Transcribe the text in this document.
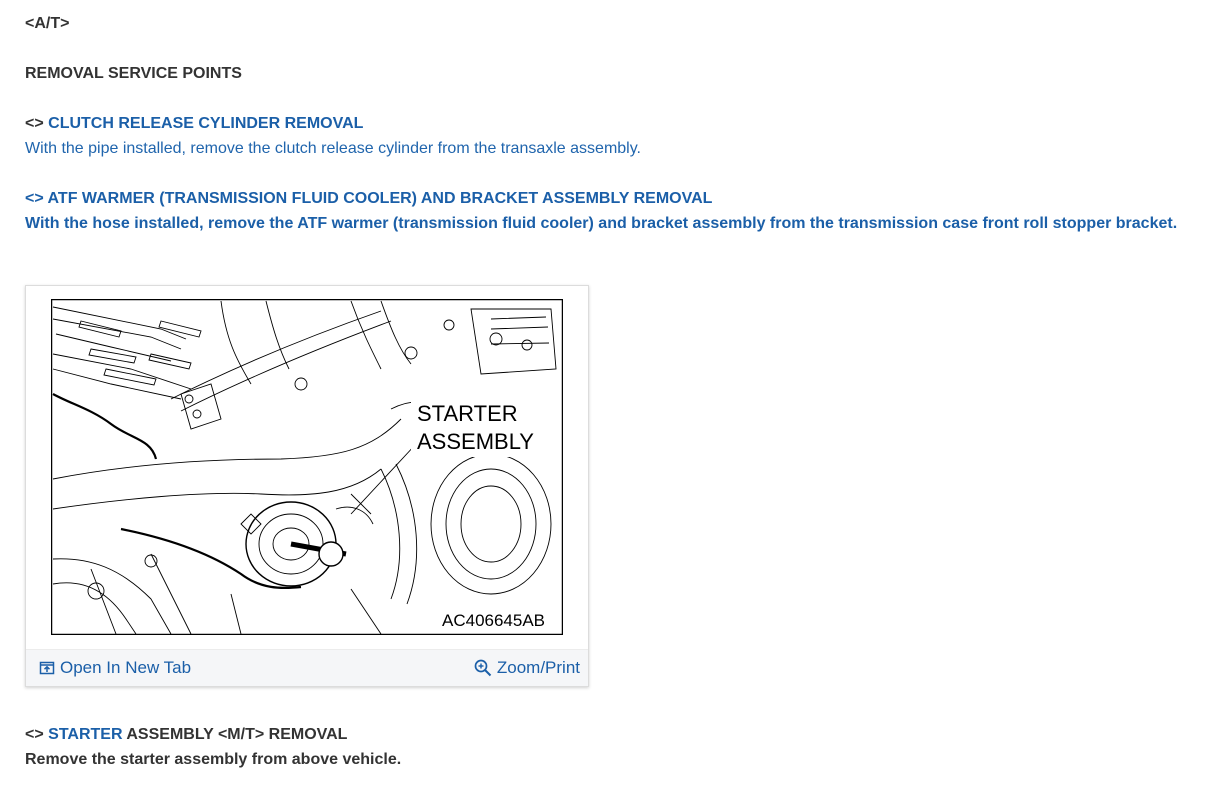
<A/T>
REMOVAL SERVICE POINTS
<> CLUTCH RELEASE CYLINDER REMOVAL
With the pipe installed, remove the clutch release cylinder from the transaxle assembly.
<> ATF WARMER (TRANSMISSION FLUID COOLER) AND BRACKET ASSEMBLY REMOVAL
With the hose installed, remove the ATF warmer (transmission fluid cooler) and bracket assembly from the transmission case front roll stopper bracket.
STARTER
ASSEMBLY
AC406645AB
Open In New Tab	Zoom/Print
<> STARTER ASSEMBLY <M/T> REMOVAL
Remove the starter assembly from above vehicle.
